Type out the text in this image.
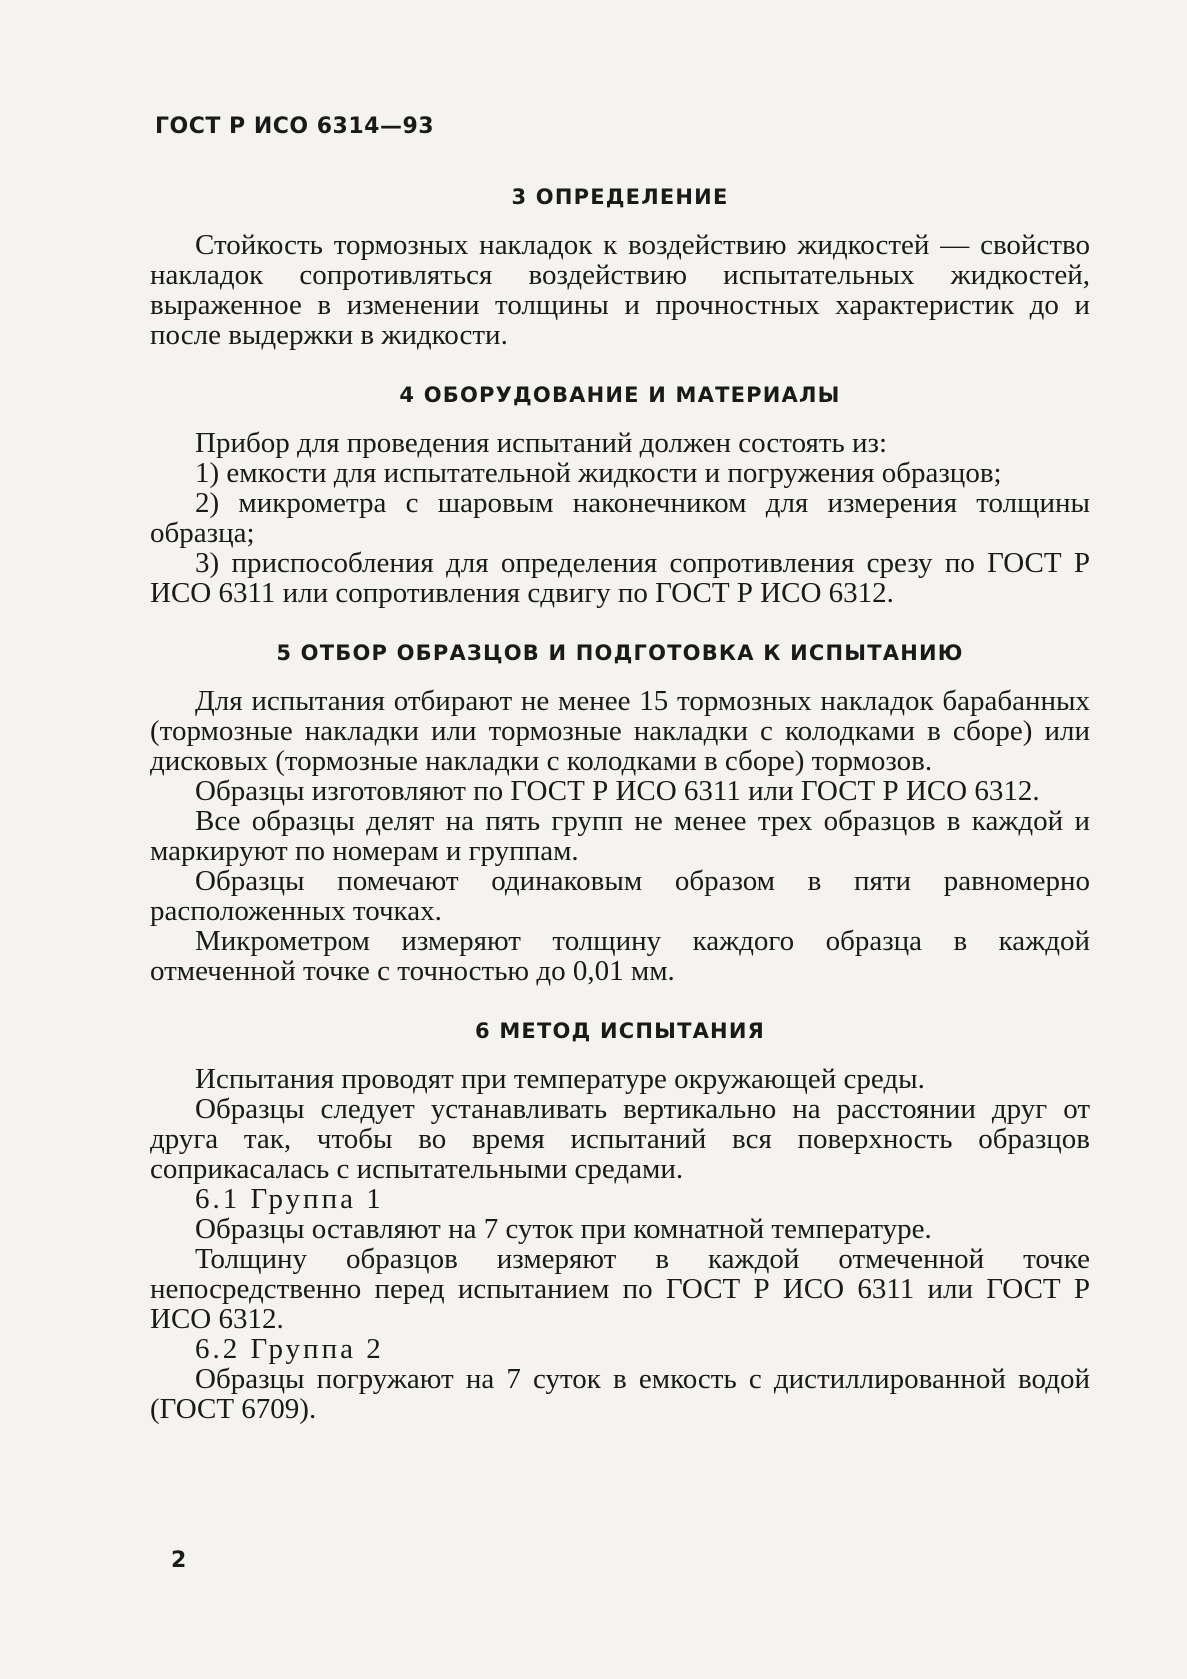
ГОСТ Р ИСО 6314—93
3 ОПРЕДЕЛЕНИЕ

Стойкость тормозных накладок к воздействию жидкостей — свойство накладок сопротивляться воздействию испытательных жидкостей, выраженное в изменении толщины и прочностных характеристик до и после выдержки в жидкости.

4 ОБОРУДОВАНИЕ И МАТЕРИАЛЫ

Прибор для проведения испытаний должен состоять из:

1) емкости для испытательной жидкости и погружения образцов;

2) микрометра с шаровым наконечником для измерения толщины образца;

3) приспособления для определения сопротивления срезу по ГОСТ Р ИСО 6311 или сопротивления сдвигу по ГОСТ Р ИСО 6312.

5 ОТБОР ОБРАЗЦОВ И ПОДГОТОВКА К ИСПЫТАНИЮ

Для испытания отбирают не менее 15 тормозных накладок барабанных (тормозные накладки или тормозные накладки с колодками в сборе) или дисковых (тормозные накладки с колодками в сборе) тормозов.

Образцы изготовляют по ГОСТ Р ИСО 6311 или ГОСТ Р ИСО 6312.

Все образцы делят на пять групп не менее трех образцов в каждой и маркируют по номерам и группам.

Образцы помечают одинаковым образом в пяти равномерно расположенных точках.

Микрометром измеряют толщину каждого образца в каждой отмеченной точке с точностью до 0,01 мм.

6 МЕТОД ИСПЫТАНИЯ

Испытания проводят при температуре окружающей среды.

Образцы следует устанавливать вертикально на расстоянии друг от друга так, чтобы во время испытаний вся поверхность образцов соприкасалась с испытательными средами.

6.1 Группа 1

Образцы оставляют на 7 суток при комнатной температуре.

Толщину образцов измеряют в каждой отмеченной точке непосредственно перед испытанием по ГОСТ Р ИСО 6311 или ГОСТ Р ИСО 6312.

6.2 Группа 2

Образцы погружают на 7 суток в емкость с дистиллированной водой (ГОСТ 6709).

2
